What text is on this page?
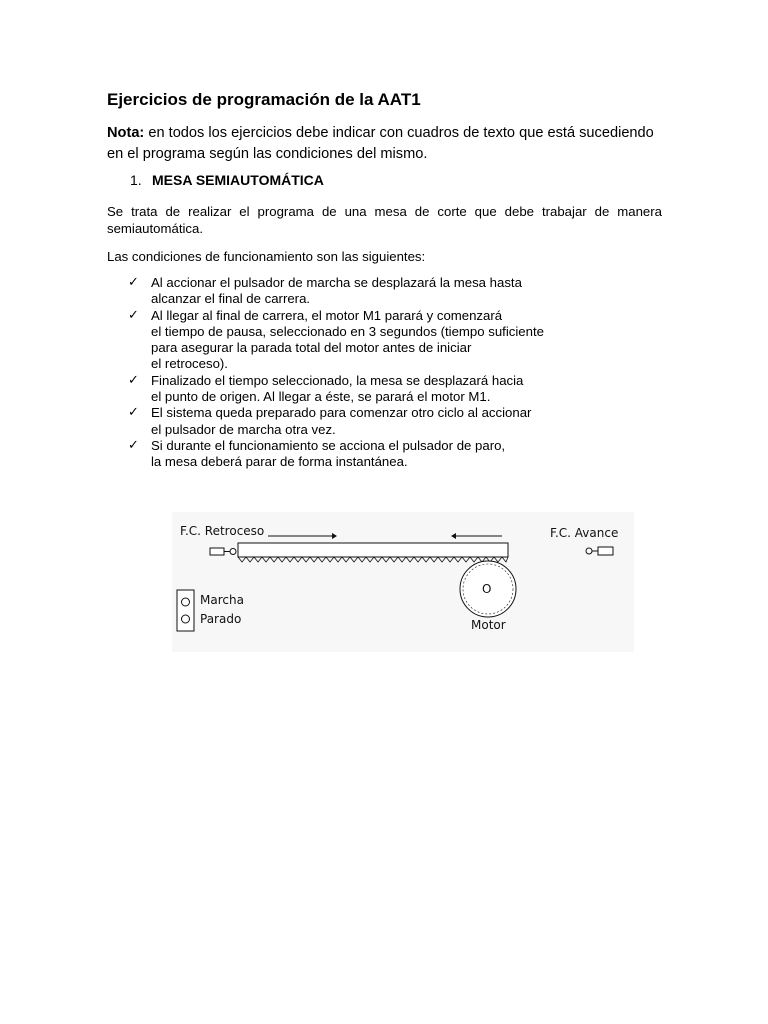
Ejercicios de programación de la AAT1
Nota: en todos los ejercicios debe indicar con cuadros de texto que está sucediendo en el programa según las condiciones del mismo.
1. MESA SEMIAUTOMÁTICA
Se trata de realizar el programa de una mesa de corte que debe trabajar de manera semiautomática.
Las condiciones de funcionamiento son las siguientes:
✓ Al accionar el pulsador de marcha se desplazará la mesa hasta
alcanzar el final de carrera.
✓ Al llegar al final de carrera, el motor M1 parará y comenzará
el tiempo de pausa, seleccionado en 3 segundos (tiempo suficiente
para asegurar la parada total del motor antes de iniciar
el retroceso).
✓ Finalizado el tiempo seleccionado, la mesa se desplazará hacia
el punto de origen. Al llegar a éste, se parará el motor M1.
✓ El sistema queda preparado para comenzar otro ciclo al accionar
el pulsador de marcha otra vez.
✓ Si durante el funcionamiento se acciona el pulsador de paro,
la mesa deberá parar de forma instantánea.
F.C. Retroceso	F.C. Avance
O
Motor
Marcha
Parado
